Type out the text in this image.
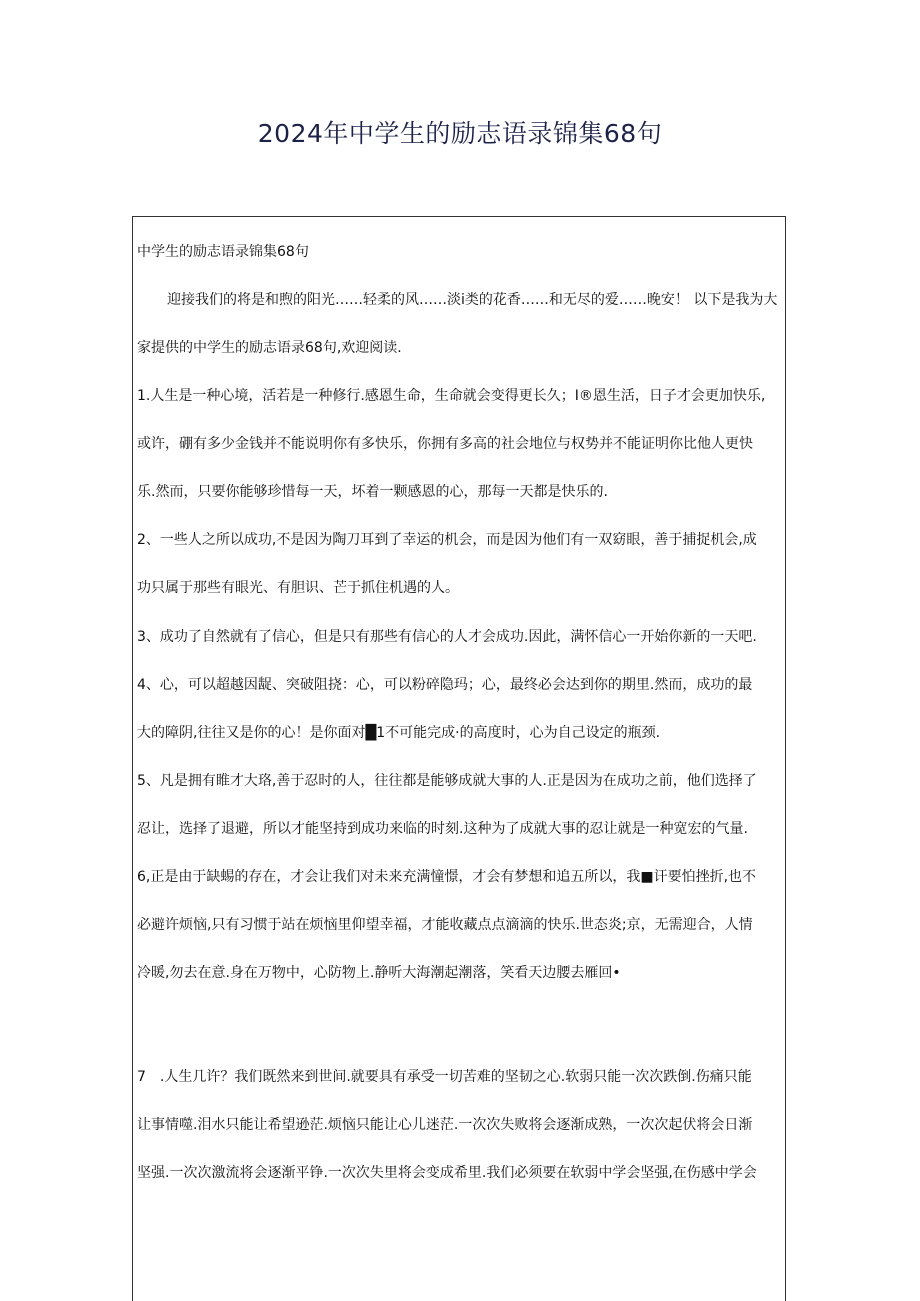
2024年中学生的励志语录锦集68句
中学生的励志语录锦集68句
迎接我们的将是和煦的阳光……轻柔的风……淡i类的花香……和无尽的爱……晚安！ 以下是我为大
家提供的中学生的励志语录68句,欢迎阅读.
1.人生是一种心境，活若是一种修行.感恩生命，生命就会变得更长久；I®恩生活，日子才会更加快乐,
或许，硼有多少金钱并不能说明你有多快乐，你拥有多高的社会地位与权势并不能证明你比他人更快
乐.然而，只要你能够珍惜每一天，坏着一颗感恩的心，那每一天都是快乐的.
2、一些人之所以成功,不是因为陶刀耳到了幸运的机会，而是因为他们有一双窈眼，善于捕捉机会,成
功只属于那些有眼光、有胆识、芒于抓住机遇的人。
3、成功了自然就有了信心，但是只有那些有信心的人才会成功.因此，满怀信心一开始你新的一天吧.
4、心，可以超越因龊、突破阻挠：心，可以粉碎隐玛；心，最终必会达到你的期里.然而，成功的最
大的障阴,往往又是你的心！是你面对█1不可能完成·的高度时，心为自己设定的瓶颈.
5、凡是拥有睢才大珞,善于忍时的人，往往都是能够成就大事的人.正是因为在成功之前，他们选择了
忍让，选择了退避，所以才能坚持到成功来临的时刻.这种为了成就大事的忍让就是一种宽宏的气量.
6,正是由于缺蜴的存在，才会让我们对未来充满憧憬，才会有梦想和追五所以，我■讦要怕挫折,也不
必避许烦恼,只有习惯于站在烦恼里仰望幸福，才能收藏点点滴滴的快乐.世态炎;京，无需迎合，人情
冷暖,勿去在意.身在万物中，心防物上.静听大海潮起潮落，笑看天边腰去雁回•
7　.人生几许？我们既然来到世间.就要具有承受一切苦难的坚韧之心.软弱只能一次次跌倒.伤痛只能
让事情噬.泪水只能让希望逊茫.烦恼只能让心儿迷茫.一次次失败将会逐渐成熟，一次次起伏将会日渐
坚强.一次次激流将会逐渐平铮.一次次失里将会变成希里.我们必须要在软弱中学会坚强,在伤感中学会
